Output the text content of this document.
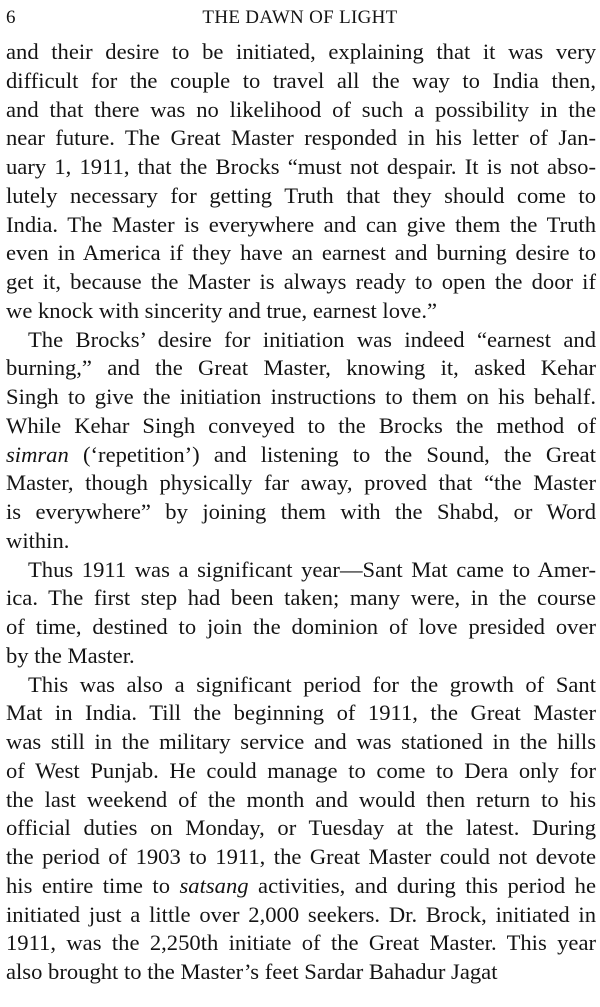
6	THE DAWN OF LIGHT

and their desire to be initiated, explaining that it was very
difficult for the couple to travel all the way to India then,
and that there was no likelihood of such a possibility in the
near future. The Great Master responded in his letter of Jan-
uary 1, 1911, that the Brocks “must not despair. It is not abso-
lutely necessary for getting Truth that they should come to
India. The Master is everywhere and can give them the Truth
even in America if they have an earnest and burning desire to
get it, because the Master is always ready to open the door if
we knock with sincerity and true, earnest love.”

The Brocks’ desire for initiation was indeed “earnest and
burning,” and the Great Master, knowing it, asked Kehar
Singh to give the initiation instructions to them on his behalf.
While Kehar Singh conveyed to the Brocks the method of
simran (‘repetition’) and listening to the Sound, the Great
Master, though physically far away, proved that “the Master
is everywhere” by joining them with the Shabd, or Word
within.

Thus 1911 was a significant year—Sant Mat came to Amer-
ica. The first step had been taken; many were, in the course
of time, destined to join the dominion of love presided over
by the Master.

This was also a significant period for the growth of Sant
Mat in India. Till the beginning of 1911, the Great Master
was still in the military service and was stationed in the hills
of West Punjab. He could manage to come to Dera only for
the last weekend of the month and would then return to his
official duties on Monday, or Tuesday at the latest. During
the period of 1903 to 1911, the Great Master could not devote
his entire time to satsang activities, and during this period he
initiated just a little over 2,000 seekers. Dr. Brock, initiated in
1911, was the 2,250th initiate of the Great Master. This year
also brought to the Master’s feet Sardar Bahadur Jagat
